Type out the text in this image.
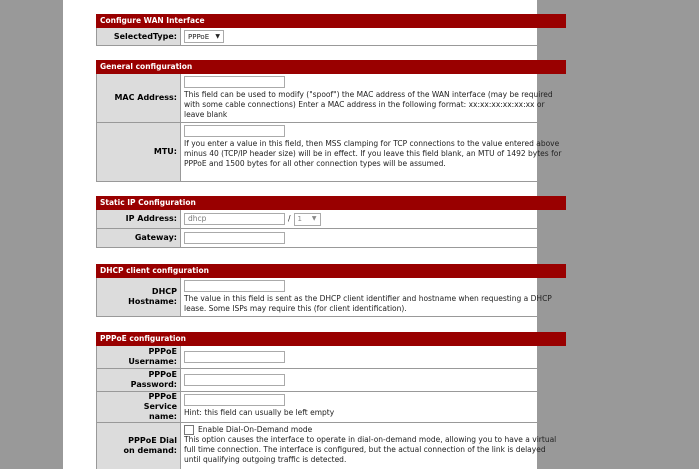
Configure WAN Interface
SelectedType:	PPPoE ▼
General configuration
MAC Address: This field can be used to modify ("spoof") the MAC address of the WAN interface (may be required with some cable connections) Enter a MAC address in the following format: xx:xx:xx:xx:xx:xx or leave blank
MTU:
If you enter a value in this field, then MSS clamping for TCP connections to the value entered above minus 40 (TCP/IP header size) will be in effect. If you leave this field blank, an MTU of 1492 bytes for PPPoE and 1500 bytes for all other connection types will be assumed.
Static IP Configuration
IP Address:	dhcp	/ 1 ▼
Gateway:
DHCP client configuration
DHCP Hostname: The value in this field is sent as the DHCP client identifier and hostname when requesting a DHCP lease. Some ISPs may require this (for client identification).
PPPoE configuration
PPPoE Username:
PPPoE Password:
PPPoE Service name: Hint: this field can usually be left empty
PPPoE Dial on demand:
Enable Dial-On-Demand mode
This option causes the interface to operate in dial-on-demand mode, allowing you to have a virtual full time connection. The interface is configured, but the actual connection of the link is delayed until qualifying outgoing traffic is detected.
